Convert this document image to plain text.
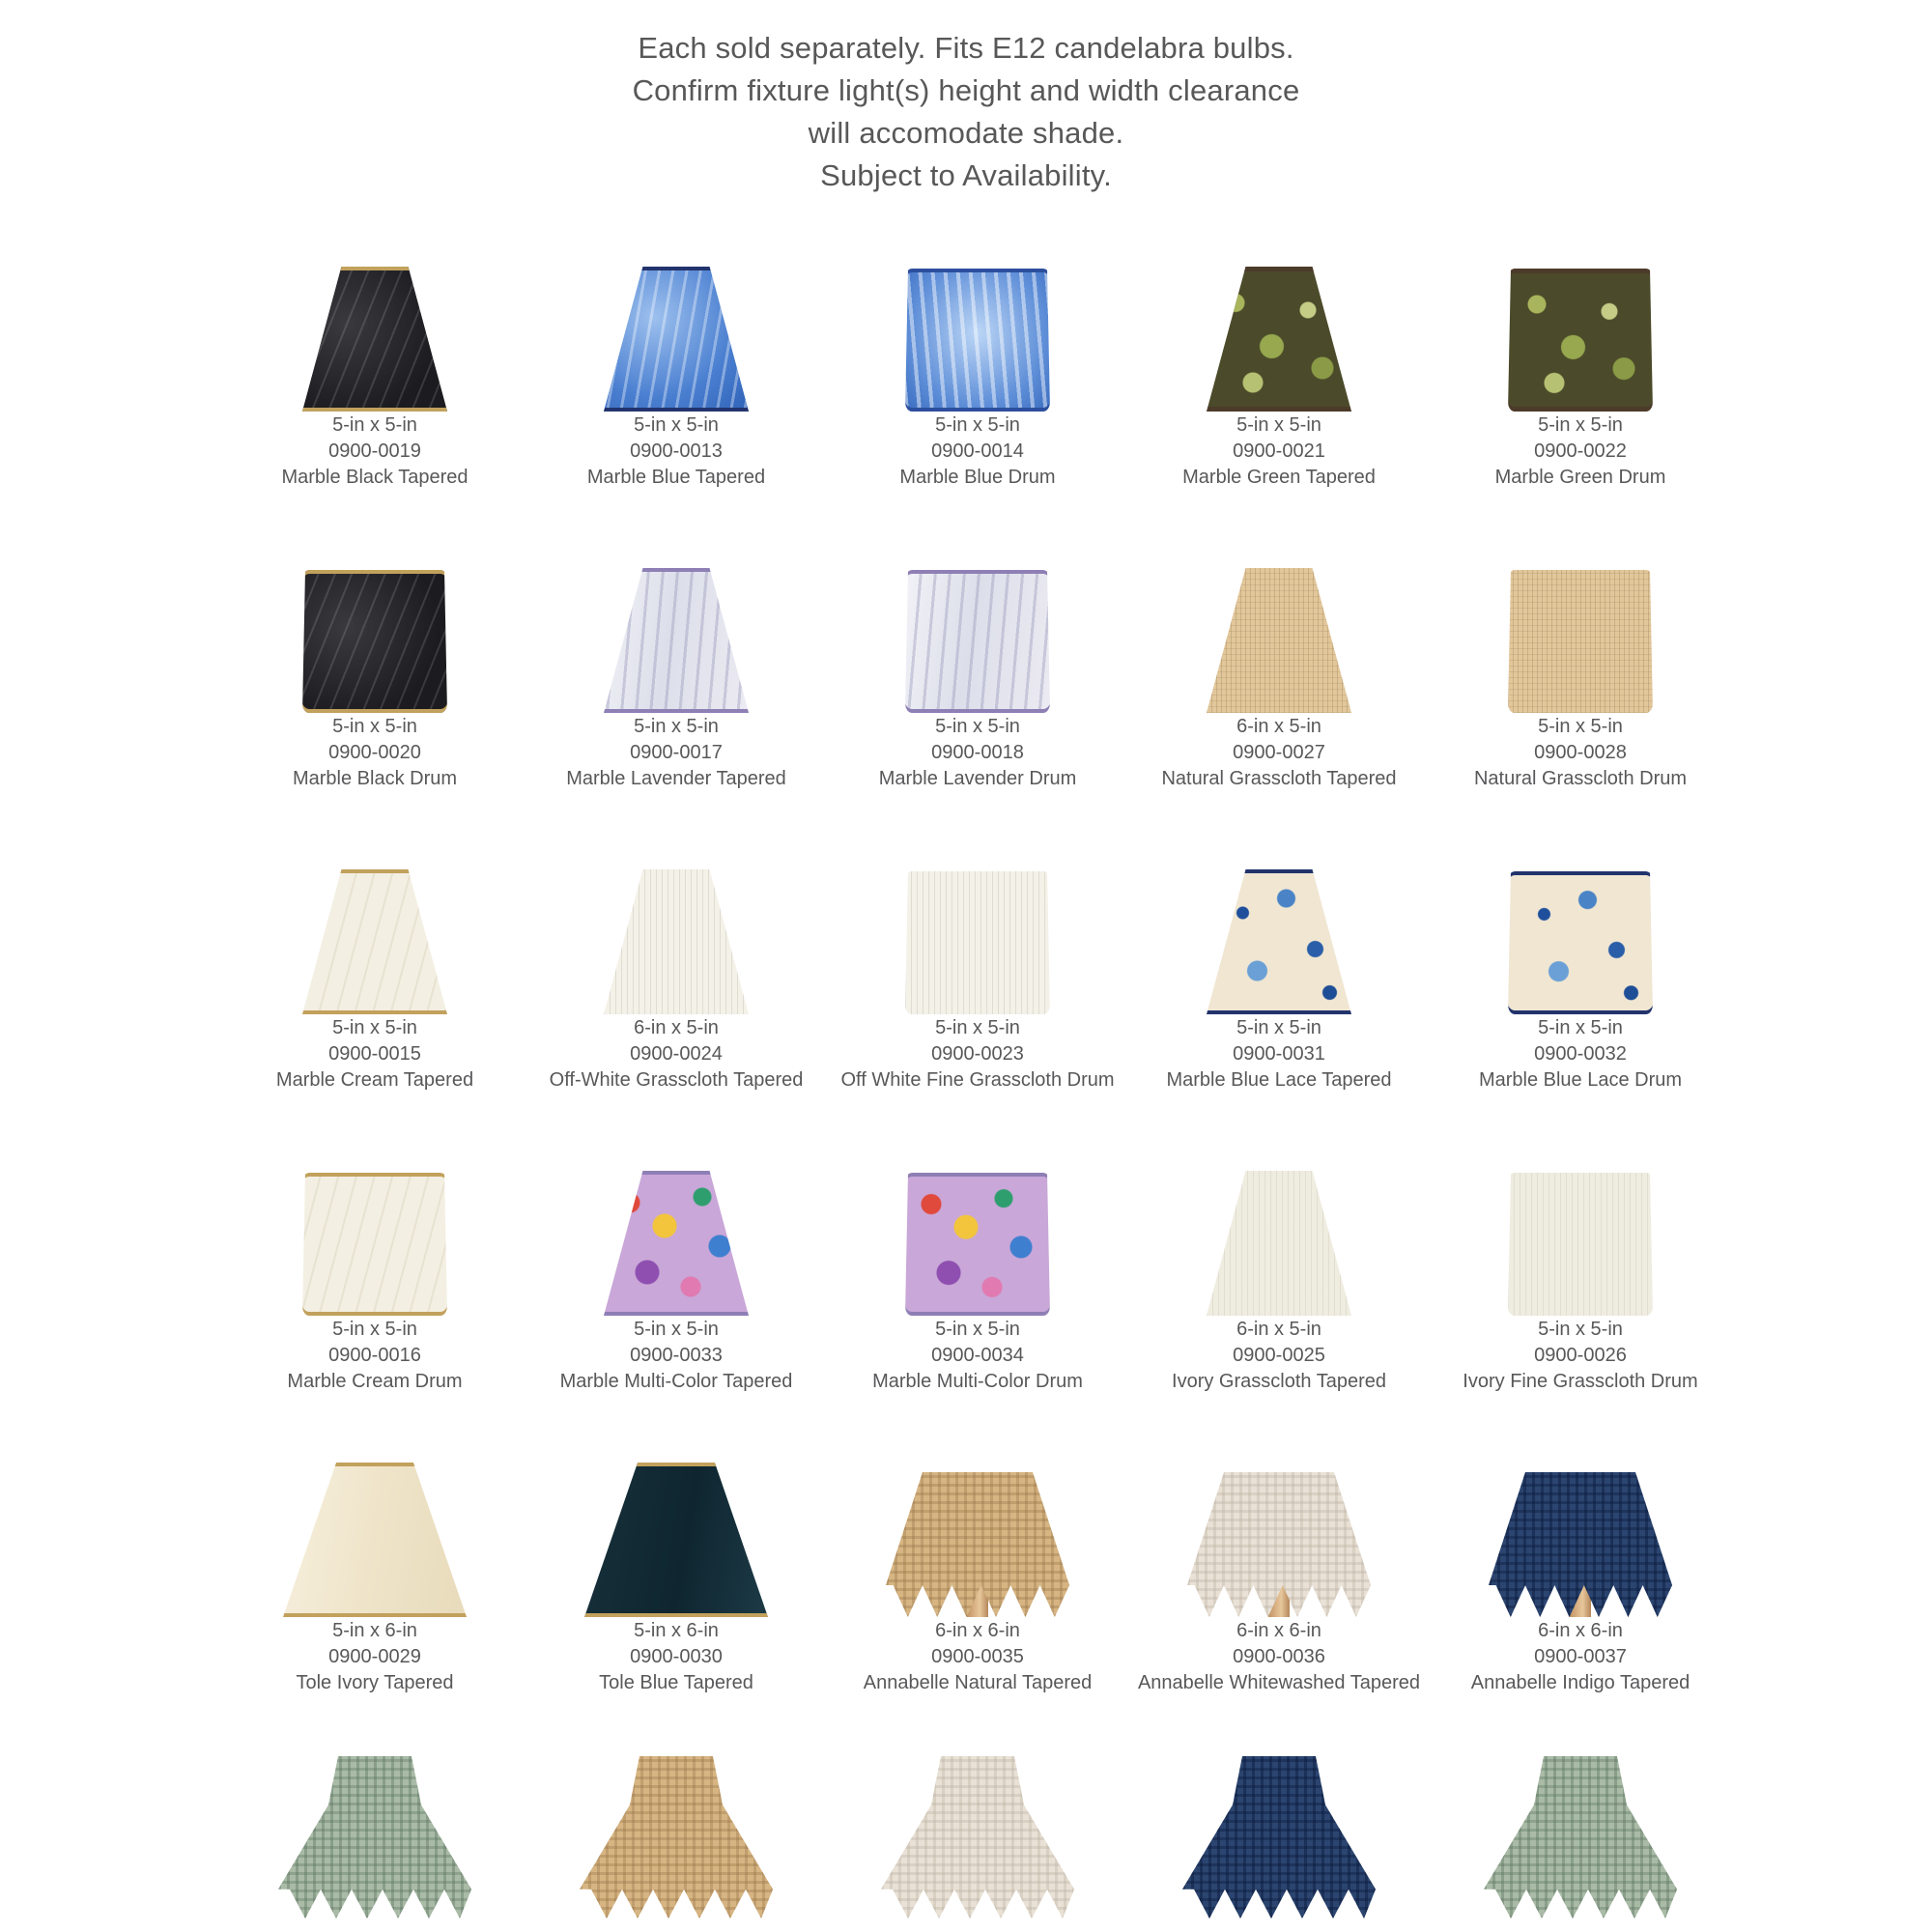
Each sold separately. Fits E12 candelabra bulbs.
Confirm fixture light(s) height and width clearance
will accomodate shade.
Subject to Availability.
5-in x 5-in
0900-0019
Marble Black Tapered
5-in x 5-in
0900-0013
Marble Blue Tapered
5-in x 5-in
0900-0014
Marble Blue Drum
5-in x 5-in
0900-0021
Marble Green Tapered
5-in x 5-in
0900-0022
Marble Green Drum
5-in x 5-in
0900-0020
Marble Black Drum
5-in x 5-in
0900-0017
Marble Lavender Tapered
5-in x 5-in
0900-0018
Marble Lavender Drum
6-in x 5-in
0900-0027
Natural Grasscloth Tapered
5-in x 5-in
0900-0028
Natural Grasscloth Drum
5-in x 5-in
0900-0015
Marble Cream Tapered
6-in x 5-in
0900-0024
Off-White Grasscloth Tapered
5-in x 5-in
0900-0023
Off White Fine Grasscloth Drum
5-in x 5-in
0900-0031
Marble Blue Lace Tapered
5-in x 5-in
0900-0032
Marble Blue Lace Drum
5-in x 5-in
0900-0016
Marble Cream Drum
5-in x 5-in
0900-0033
Marble Multi-Color Tapered
5-in x 5-in
0900-0034
Marble Multi-Color Drum
6-in x 5-in
0900-0025
Ivory Grasscloth Tapered
5-in x 5-in
0900-0026
Ivory Fine Grasscloth Drum
5-in x 6-in
0900-0029
Tole Ivory Tapered
5-in x 6-in
0900-0030
Tole Blue Tapered
6-in x 6-in
0900-0035
Annabelle Natural Tapered
6-in x 6-in
0900-0036
Annabelle Whitewashed Tapered
6-in x 6-in
0900-0037
Annabelle Indigo Tapered
